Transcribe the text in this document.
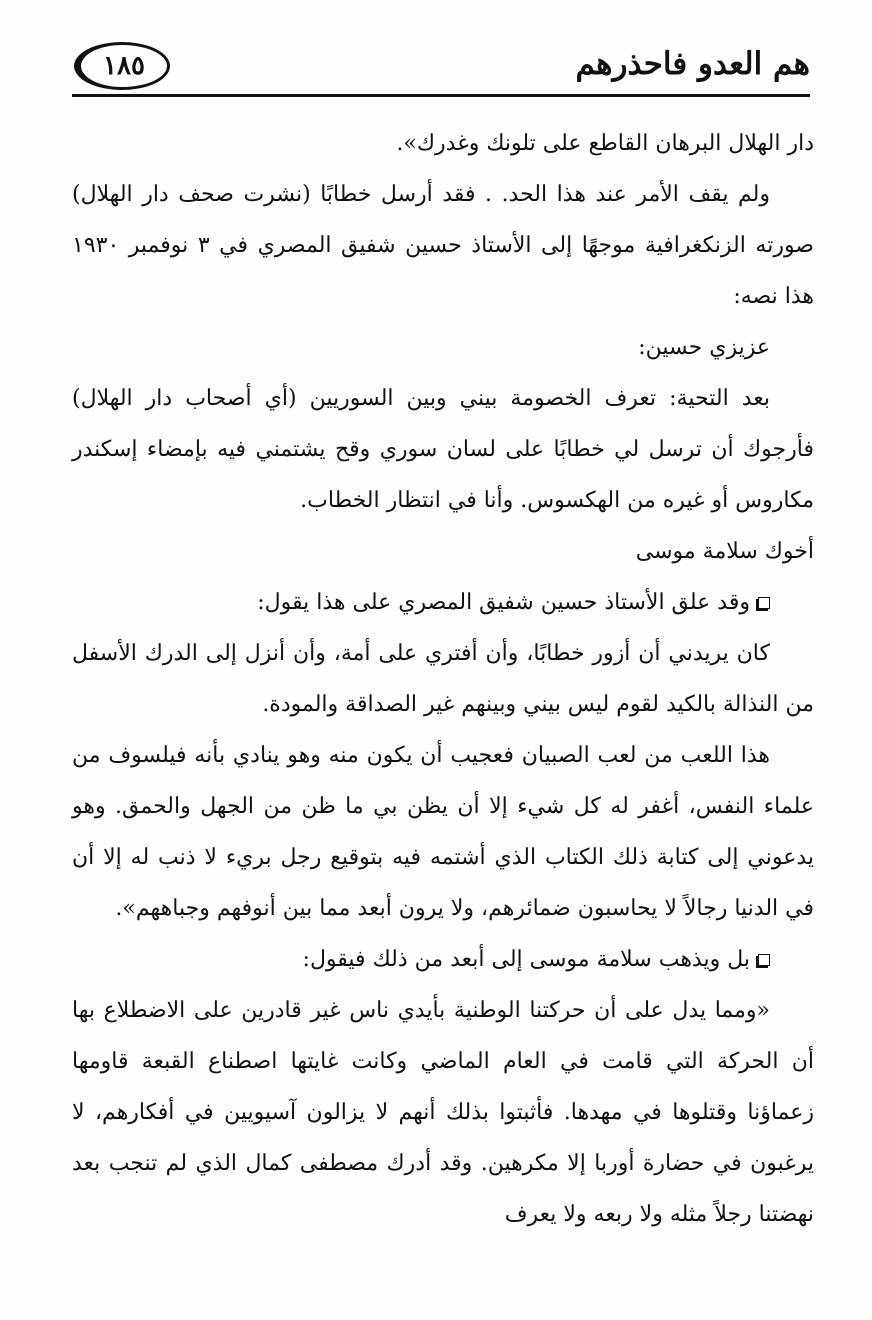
هم العدو فاحذرهم
١٨٥

دار الهلال البرهان القاطع على تلونك وغدرك».

ولم يقف الأمر عند هذا الحد. . فقد أرسل خطابًا (نشرت صحف دار الهلال) صورته الزنكغرافية موجهًا إلى الأستاذ حسين شفيق المصري في ٣ نوفمبر ١٩٣٠ هذا نصه:

عزيزي حسين:

بعد التحية: تعرف الخصومة بيني وبين السوريين (أي أصحاب دار الهلال) فأرجوك أن ترسل لي خطابًا على لسان سوري وقح يشتمني فيه بإمضاء إسكندر مكاروس أو غيره من الهكسوس. وأنا في انتظار الخطاب.

أخوك سلامة موسى

وقد علق الأستاذ حسين شفيق المصري على هذا يقول:

كان يريدني أن أزور خطابًا، وأن أفتري على أمة، وأن أنزل إلى الدرك الأسفل من النذالة بالكيد لقوم ليس بيني وبينهم غير الصداقة والمودة.

هذا اللعب من لعب الصبيان فعجيب أن يكون منه وهو ينادي بأنه فيلسوف من علماء النفس، أغفر له كل شيء إلا أن يظن بي ما ظن من الجهل والحمق. وهو يدعوني إلى كتابة ذلك الكتاب الذي أشتمه فيه بتوقيع رجل بريء لا ذنب له إلا أن في الدنيا رجالاً لا يحاسبون ضمائرهم، ولا يرون أبعد مما بين أنوفهم وجباههم».

بل ويذهب سلامة موسى إلى أبعد من ذلك فيقول:

«ومما يدل على أن حركتنا الوطنية بأيدي ناس غير قادرين على الاضطلاع بها أن الحركة التي قامت في العام الماضي وكانت غايتها اصطناع القبعة قاومها زعماؤنا وقتلوها في مهدها. فأثبتوا بذلك أنهم لا يزالون آسيويين في أفكارهم، لا يرغبون في حضارة أوربا إلا مكرهين. وقد أدرك مصطفى كمال الذي لم تنجب بعد نهضتنا رجلاً مثله ولا ربعه ولا يعرف
